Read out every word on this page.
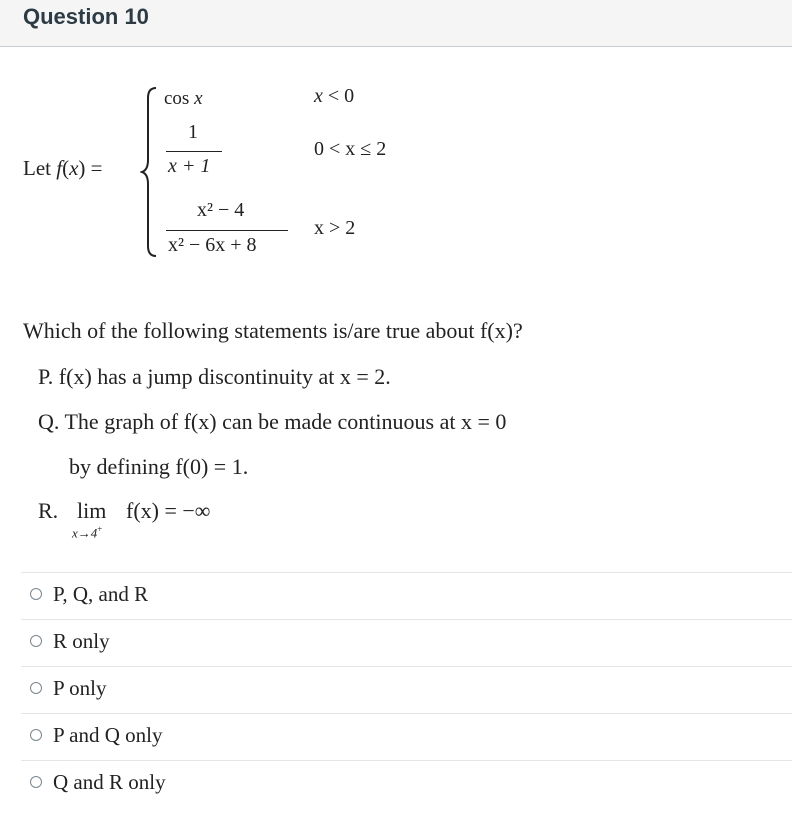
Question 10
Let f(x) =
cos x	x < 0
1
x + 1
0 < x ≤ 2
x² − 4
x² − 6x + 8
x > 2
Which of the following statements is/are true about f(x)?
P. f(x) has a jump discontinuity at x = 2.
Q. The graph of f(x) can be made continuous at x = 0
by defining f(0) = 1.
R. lim
x→4+
f(x) = −∞
P, Q, and R
R only
P only
P and Q only
Q and R only
